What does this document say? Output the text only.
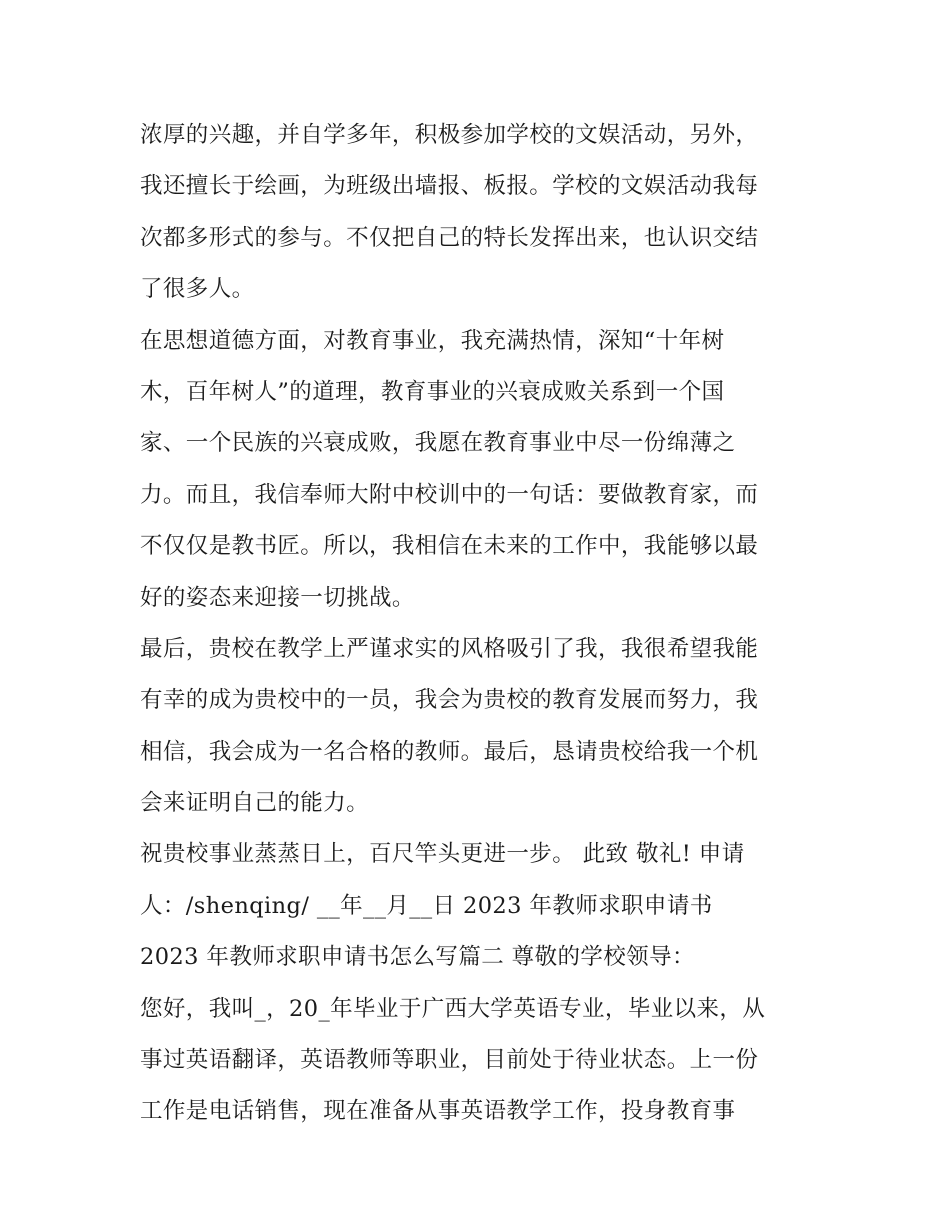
浓厚的兴趣，并自学多年，积极参加学校的文娱活动，另外，
我还擅长于绘画，为班级出墙报、板报。学校的文娱活动我每
次都多形式的参与。不仅把自己的特长发挥出来，也认识交结
了很多人。
在思想道德方面，对教育事业，我充满热情，深知“十年树
木，百年树人”的道理，教育事业的兴衰成败关系到一个国
家、一个民族的兴衰成败，我愿在教育事业中尽一份绵薄之
力。而且，我信奉师大附中校训中的一句话：要做教育家，而
不仅仅是教书匠。所以，我相信在未来的工作中，我能够以最
好的姿态来迎接一切挑战。
最后，贵校在教学上严谨求实的风格吸引了我，我很希望我能
有幸的成为贵校中的一员，我会为贵校的教育发展而努力，我
相信，我会成为一名合格的教师。最后，恳请贵校给我一个机
会来证明自己的能力。
祝贵校事业蒸蒸日上，百尺竿头更进一步。 此致 敬礼! 申请
人：/shenqing/ __年__月__日 2023 年教师求职申请书
2023 年教师求职申请书怎么写篇二 尊敬的学校领导：
您好，我叫_，20_年毕业于广西大学英语专业，毕业以来，从
事过英语翻译，英语教师等职业，目前处于待业状态。上一份
工作是电话销售，现在准备从事英语教学工作，投身教育事
